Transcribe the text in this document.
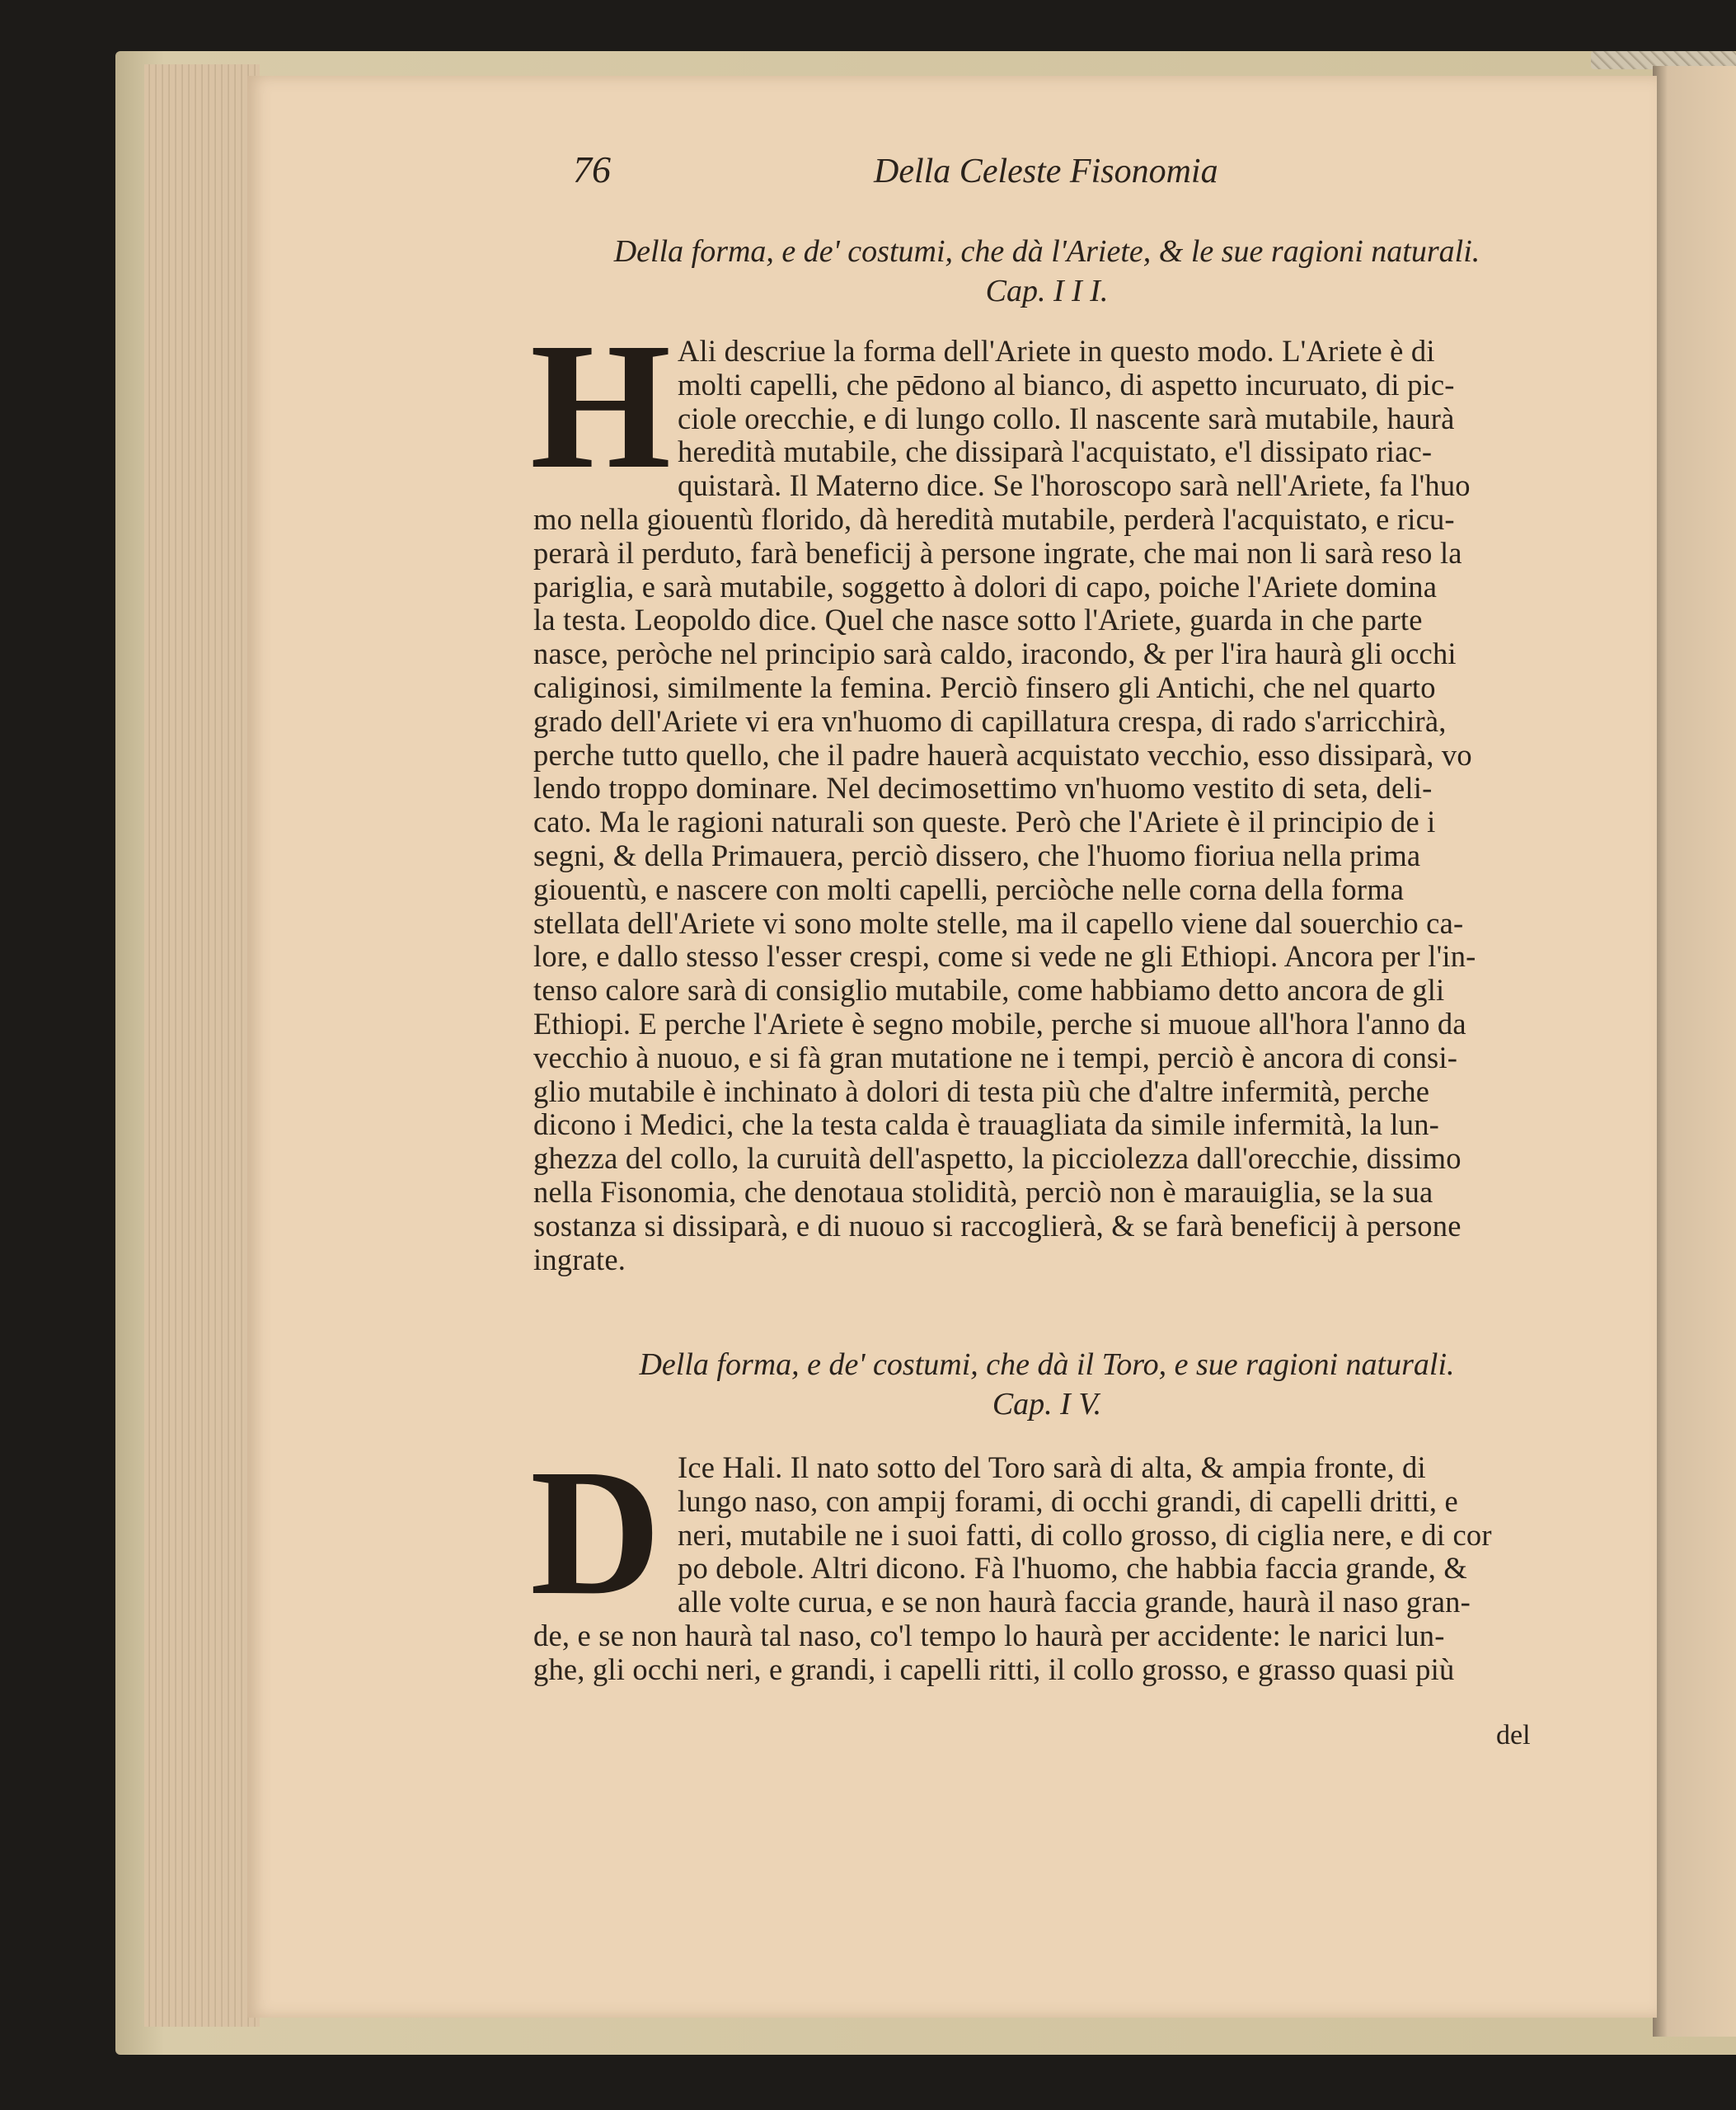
76	Della Celeste Fisonomia
Della forma, e de' costumi, che dà l'Ariete, & le sue ragioni naturali.
Cap. I I I.
H Ali descriue la forma dell'Ariete in questo modo. L'Ariete è di
molti capelli, che pēdono al bianco, di aspetto incuruato, di pic-
ciole orecchie, e di lungo collo. Il nascente sarà mutabile, haurà
heredità mutabile, che dissiparà l'acquistato, e'l dissipato riac-
quistarà. Il Materno dice. Se l'horoscopo sarà nell'Ariete, fa l'huo
mo nella giouentù florido, dà heredità mutabile, perderà l'acquistato, e ricu-
perarà il perduto, farà beneficij à persone ingrate, che mai non li sarà reso la
pariglia, e sarà mutabile, soggetto à dolori di capo, poiche l'Ariete domina
la testa. Leopoldo dice. Quel che nasce sotto l'Ariete, guarda in che parte
nasce, peròche nel principio sarà caldo, iracondo, & per l'ira haurà gli occhi
caliginosi, similmente la femina. Perciò finsero gli Antichi, che nel quarto
grado dell'Ariete vi era vn'huomo di capillatura crespa, di rado s'arricchirà,
perche tutto quello, che il padre hauerà acquistato vecchio, esso dissiparà, vo
lendo troppo dominare. Nel decimosettimo vn'huomo vestito di seta, deli-
cato. Ma le ragioni naturali son queste. Però che l'Ariete è il principio de i
segni, & della Primauera, perciò dissero, che l'huomo fioriua nella prima
giouentù, e nascere con molti capelli, perciòche nelle corna della forma
stellata dell'Ariete vi sono molte stelle, ma il capello viene dal souerchio ca-
lore, e dallo stesso l'esser crespi, come si vede ne gli Ethiopi. Ancora per l'in-
tenso calore sarà di consiglio mutabile, come habbiamo detto ancora de gli
Ethiopi. E perche l'Ariete è segno mobile, perche si muoue all'hora l'anno da
vecchio à nuouo, e si fà gran mutatione ne i tempi, perciò è ancora di consi-
glio mutabile è inchinato à dolori di testa più che d'altre infermità, perche
dicono i Medici, che la testa calda è trauagliata da simile infermità, la lun-
ghezza del collo, la curuità dell'aspetto, la picciolezza dall'orecchie, dissimo
nella Fisonomia, che denotaua stolidità, perciò non è marauiglia, se la sua
sostanza si dissiparà, e di nuouo si raccoglierà, & se farà beneficij à persone
ingrate.
Della forma, e de' costumi, che dà il Toro, e sue ragioni naturali.
Cap. I V.
D Ice Hali. Il nato sotto del Toro sarà di alta, & ampia fronte, di
lungo naso, con ampij forami, di occhi grandi, di capelli dritti, e
neri, mutabile ne i suoi fatti, di collo grosso, di ciglia nere, e di cor
po debole. Altri dicono. Fà l'huomo, che habbia faccia grande, &
alle volte curua, e se non haurà faccia grande, haurà il naso gran-
de, e se non haurà tal naso, co'l tempo lo haurà per accidente: le narici lun-
ghe, gli occhi neri, e grandi, i capelli ritti, il collo grosso, e grasso quasi più
del
